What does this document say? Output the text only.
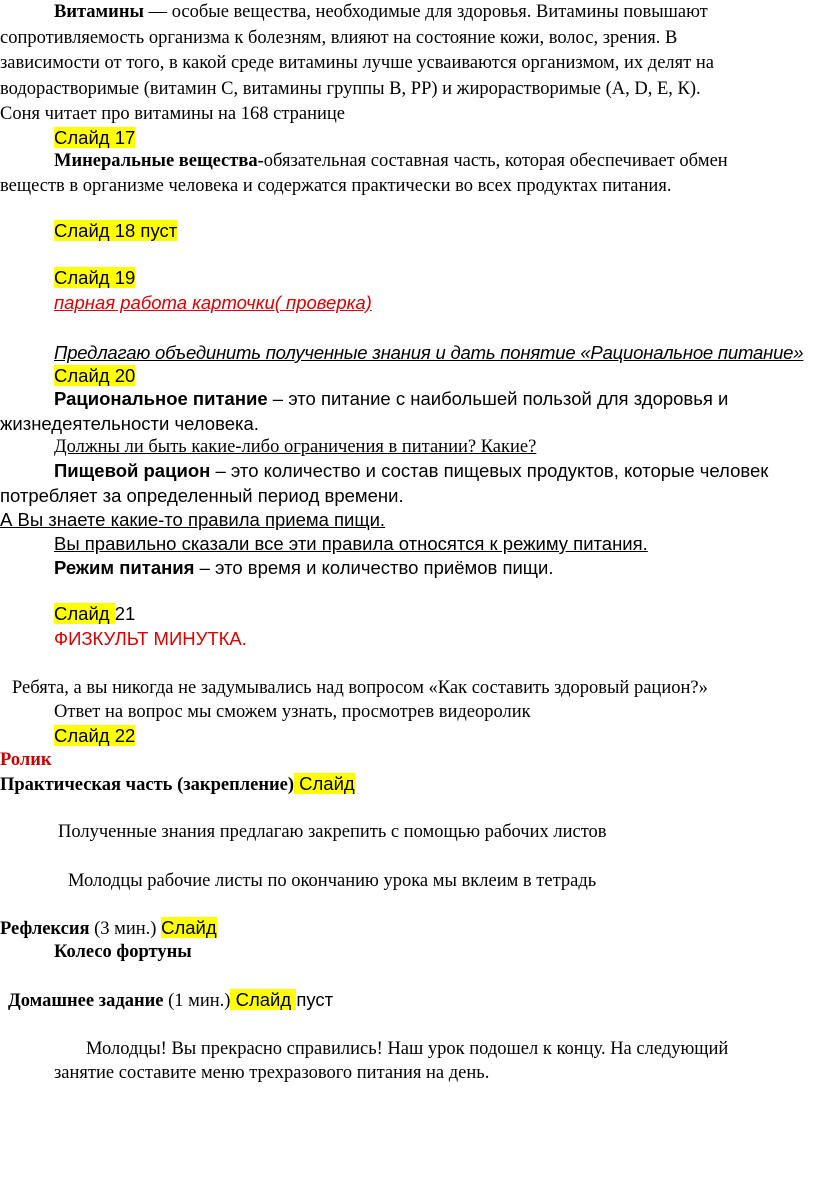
Витамины — особые вещества, необходимые для здоровья. Витамины повышают
сопротивляемость организма к болезням, влияют на состояние кожи, волос, зрения. В
зависимости от того, в какой среде витамины лучше усваиваются организмом, их делят на
водорастворимые (витамин С, витамины группы В, РР) и жирорастворимые (А, D, E, К).
Соня читает про витамины на 168 странице
Слайд 17
Минеральные вещества-обязательная составная часть, которая обеспечивает обмен
веществ в организме человека и содержатся практически во всех продуктах питания.
Слайд 18 пуст
Слайд 19
парная работа карточки( проверка)
Предлагаю объединить полученные знания и дать понятие «Рациональное питание»
Слайд 20
Рациональное питание – это питание с наибольшей пользой для здоровья и
жизнедеятельности человека.
Должны ли быть какие-либо ограничения в питании? Какие?
Пищевой рацион – это количество и состав пищевых продуктов, которые человек
потребляет за определенный период времени.
А Вы знаете какие-то правила приема пищи.
Вы правильно сказали все эти правила относятся к режиму питания.
Режим питания – это время и количество приёмов пищи.
Слайд 21
ФИЗКУЛЬТ МИНУТКА.
Ребята, а вы никогда не задумывались над вопросом «Как составить здоровый рацион?»
Ответ на вопрос мы сможем узнать, просмотрев видеоролик
Слайд 22
Ролик
Практическая часть (закрепление) Слайд
Полученные знания предлагаю закрепить с помощью рабочих листов
Молодцы рабочие листы по окончанию урока мы вклеим в тетрадь
Рефлексия (3 мин.) Слайд
Колесо фортуны
Домашнее задание (1 мин.) Слайд пуст
Молодцы! Вы прекрасно справились! Наш урок подошел к концу. На следующий
занятие составите меню трехразового питания на день.
